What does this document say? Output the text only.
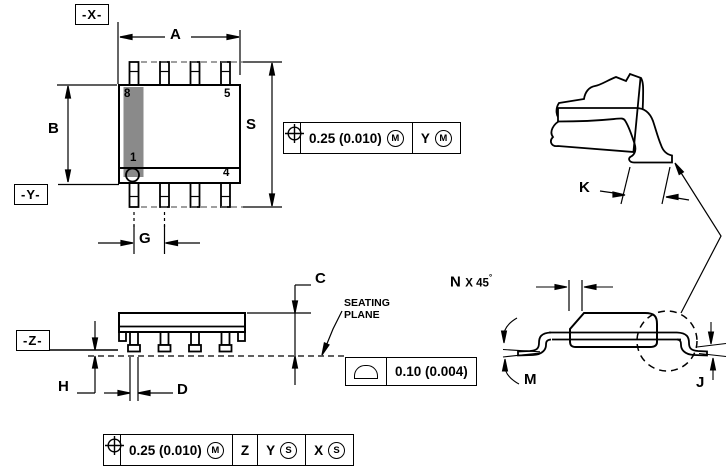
-X-
-Y-
-Z-
A
B	S
G
C
H	D
K
M	J
N X 45°
8	5
1
4
SEATING
PLANE
0.25 (0.010)	M	Y	M
0.10 (0.004)
0.25 (0.010)	M	Z Y	S	X	S
